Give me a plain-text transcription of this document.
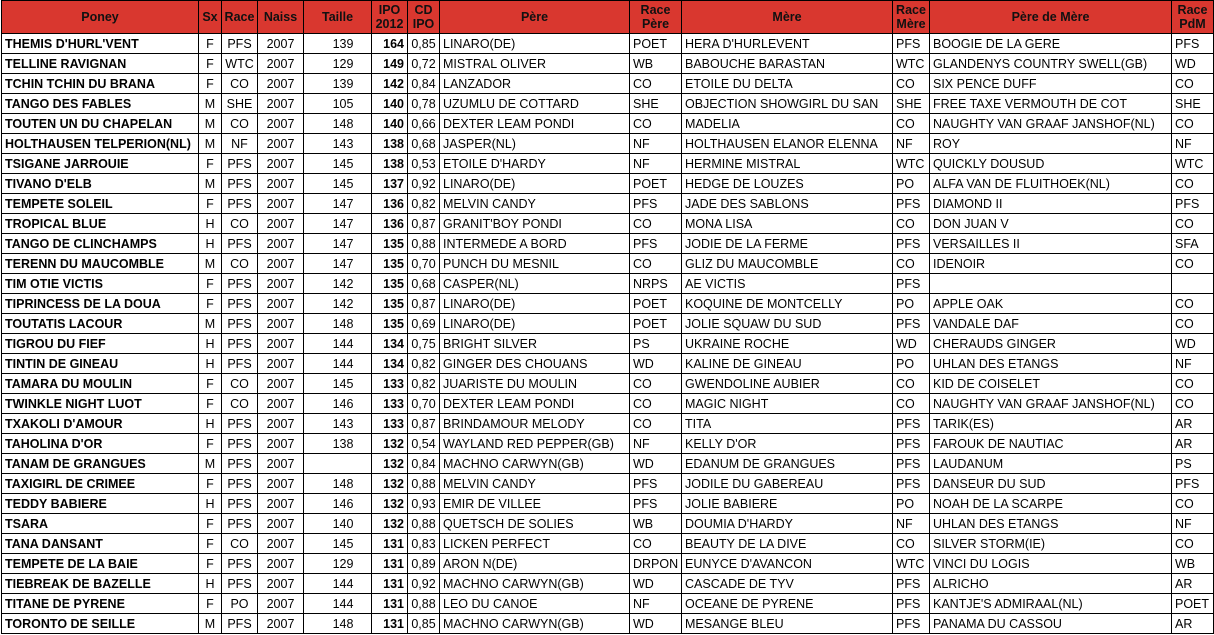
Poney	Sx	Race	Naiss	Taille	IPO 2012	CD IPO	Père	Race Père	Mère	Race Mère	Père de Mère	Race PdM
THEMIS D'HURL'VENT	F	PFS	2007	139	164	0,85	LINARO(DE)	POET	HERA D'HURLEVENT	PFS	BOOGIE DE LA GERE	PFS
TELLINE RAVIGNAN	F	WTC	2007	129	149	0,72	MISTRAL OLIVER	WB	BABOUCHE BARASTAN	WTC	GLANDENYS COUNTRY SWELL(GB)	WD
TCHIN TCHIN DU BRANA	F	CO	2007	139	142	0,84	LANZADOR	CO	ETOILE DU DELTA	CO	SIX PENCE DUFF	CO
TANGO DES FABLES	M	SHE	2007	105	140	0,78	UZUMLU DE COTTARD	SHE	OBJECTION SHOWGIRL DU SAN	SHE	FREE TAXE VERMOUTH DE COT	SHE
TOUTEN UN DU CHAPELAN	M	CO	2007	148	140	0,66	DEXTER LEAM PONDI	CO	MADELIA	CO	NAUGHTY VAN GRAAF JANSHOF(NL)	CO
HOLTHAUSEN TELPERION(NL)	M	NF	2007	143	138	0,68	JASPER(NL)	NF	HOLTHAUSEN ELANOR ELENNA	NF	ROY	NF
TSIGANE JARROUIE	F	PFS	2007	145	138	0,53	ETOILE D'HARDY	NF	HERMINE MISTRAL	WTC	QUICKLY DOUSUD	WTC
TIVANO D'ELB	M	PFS	2007	145	137	0,92	LINARO(DE)	POET	HEDGE DE LOUZES	PO	ALFA VAN DE FLUITHOEK(NL)	CO
TEMPETE SOLEIL	F	PFS	2007	147	136	0,82	MELVIN CANDY	PFS	JADE DES SABLONS	PFS	DIAMOND II	PFS
TROPICAL BLUE	H	CO	2007	147	136	0,87	GRANIT'BOY PONDI	CO	MONA LISA	CO	DON JUAN V	CO
TANGO DE CLINCHAMPS	H	PFS	2007	147	135	0,88	INTERMEDE A BORD	PFS	JODIE DE LA FERME	PFS	VERSAILLES II	SFA
TERENN DU MAUCOMBLE	M	CO	2007	147	135	0,70	PUNCH DU MESNIL	CO	GLIZ DU MAUCOMBLE	CO	IDENOIR	CO
TIM OTIE VICTIS	F	PFS	2007	142	135	0,68	CASPER(NL)	NRPS	AE VICTIS	PFS		
TIPRINCESS DE LA DOUA	F	PFS	2007	142	135	0,87	LINARO(DE)	POET	KOQUINE DE MONTCELLY	PO	APPLE OAK	CO
TOUTATIS LACOUR	M	PFS	2007	148	135	0,69	LINARO(DE)	POET	JOLIE SQUAW DU SUD	PFS	VANDALE DAF	CO
TIGROU DU FIEF	H	PFS	2007	144	134	0,75	BRIGHT SILVER	PS	UKRAINE ROCHE	WD	CHERAUDS GINGER	WD
TINTIN DE GINEAU	H	PFS	2007	144	134	0,82	GINGER DES CHOUANS	WD	KALINE DE GINEAU	PO	UHLAN DES ETANGS	NF
TAMARA DU MOULIN	F	CO	2007	145	133	0,82	JUARISTE DU MOULIN	CO	GWENDOLINE AUBIER	CO	KID DE COISELET	CO
TWINKLE NIGHT LUOT	F	CO	2007	146	133	0,70	DEXTER LEAM PONDI	CO	MAGIC NIGHT	CO	NAUGHTY VAN GRAAF JANSHOF(NL)	CO
TXAKOLI D'AMOUR	H	PFS	2007	143	133	0,87	BRINDAMOUR MELODY	CO	TITA	PFS	TARIK(ES)	AR
TAHOLINA D'OR	F	PFS	2007	138	132	0,54	WAYLAND RED PEPPER(GB)	NF	KELLY D'OR	PFS	FAROUK DE NAUTIAC	AR
TANAM DE GRANGUES	M	PFS	2007		132	0,84	MACHNO CARWYN(GB)	WD	EDANUM DE GRANGUES	PFS	LAUDANUM	PS
TAXIGIRL DE CRIMEE	F	PFS	2007	148	132	0,88	MELVIN CANDY	PFS	JODILE DU GABEREAU	PFS	DANSEUR DU SUD	PFS
TEDDY BABIERE	H	PFS	2007	146	132	0,93	EMIR DE VILLEE	PFS	JOLIE BABIERE	PO	NOAH DE LA SCARPE	CO
TSARA	F	PFS	2007	140	132	0,88	QUETSCH DE SOLIES	WB	DOUMIA D'HARDY	NF	UHLAN DES ETANGS	NF
TANA DANSANT	F	CO	2007	145	131	0,83	LICKEN PERFECT	CO	BEAUTY DE LA DIVE	CO	SILVER STORM(IE)	CO
TEMPETE DE LA BAIE	F	PFS	2007	129	131	0,89	ARON N(DE)	DRPON	EUNYCE D'AVANCON	WTC	VINCI DU LOGIS	WB
TIEBREAK DE BAZELLE	H	PFS	2007	144	131	0,92	MACHNO CARWYN(GB)	WD	CASCADE DE TYV	PFS	ALRICHO	AR
TITANE DE PYRENE	F	PO	2007	144	131	0,88	LEO DU CANOE	NF	OCEANE DE PYRENE	PFS	KANTJE'S ADMIRAAL(NL)	POET
TORONTO DE SEILLE	M	PFS	2007	148	131	0,85	MACHNO CARWYN(GB)	WD	MESANGE BLEU	PFS	PANAMA DU CASSOU	AR
